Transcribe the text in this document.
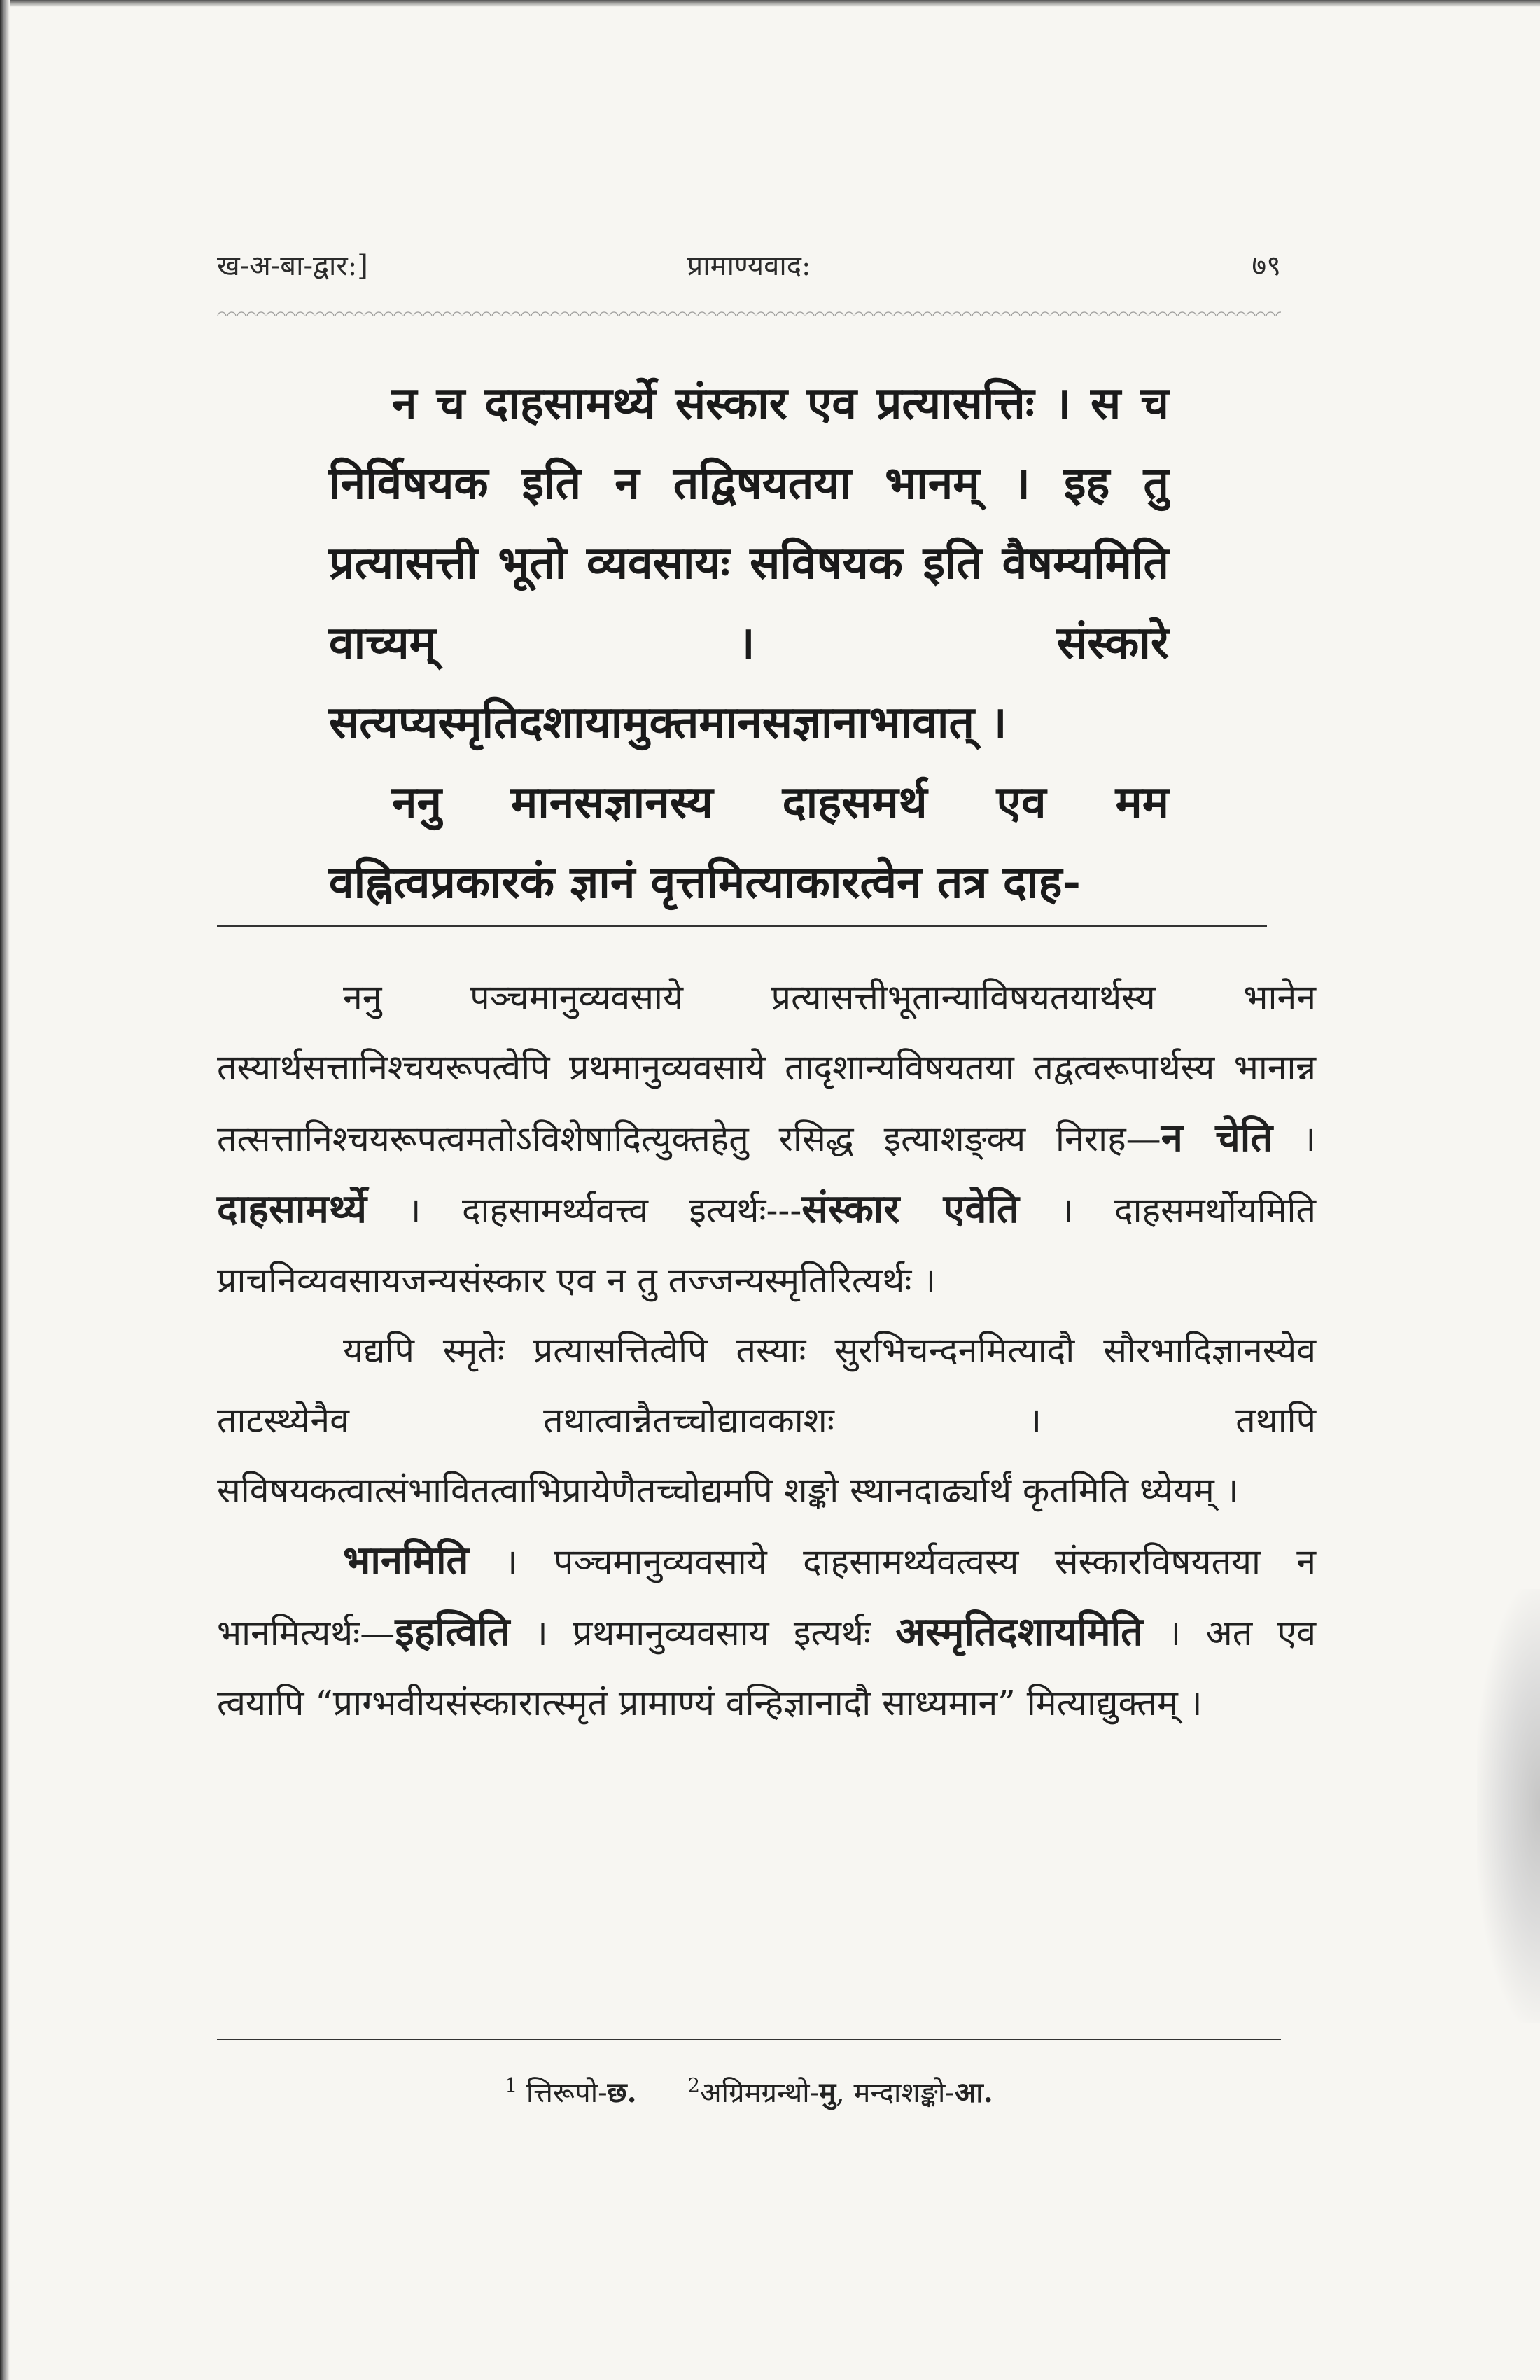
ख-अ-बा-द्वार:]	प्रामाण्यवाद:	७९

न च दाहसामर्थ्ये संस्कार एव प्रत्यासत्तिः । स च निर्विषयक इति न तद्विषयतया भानम् । इह तु प्रत्यासत्ती भूतो व्यवसायः सविषयक इति वैषम्यमिति वाच्यम् । संस्कारे सत्यप्यस्मृतिदशायामुक्तमानसज्ञानाभावात् ।

ननु मानसज्ञानस्य दाहसमर्थ एव मम वह्नित्वप्रकारकं ज्ञानं वृत्तमित्याकारत्वेन तत्र दाह-

ननु पञ्चमानुव्यवसाये प्रत्यासत्तीभूतान्याविषयतयार्थस्य भानेन तस्यार्थसत्तानिश्चयरूपत्वेपि प्रथमानुव्यवसाये तादृशान्यविषयतया तद्वत्वरूपार्थस्य भानान्न तत्सत्तानिश्चयरूपत्वमतोऽविशेषादित्युक्तहेतु रसिद्ध इत्याशङ्क्य निराह—न चेति । दाहसामर्थ्ये । दाहसामर्थ्यवत्त्व इत्यर्थः---संस्कार एवेति । दाहसमर्थोयमिति प्राचनिव्यवसायजन्यसंस्कार एव न तु तज्जन्यस्मृतिरित्यर्थः ।

यद्यपि स्मृतेः प्रत्यासत्तित्वेपि तस्याः सुरभिचन्दनमित्यादौ सौरभादिज्ञानस्येव ताटस्थ्येनैव तथात्वान्नैतच्चोद्यावकाशः । तथापि सविषयकत्वात्संभावितत्वाभिप्रायेणैतच्चोद्यमपि शङ्को स्थानदार्ढ्यार्थं कृतमिति ध्येयम् ।

भानमिति । पञ्चमानुव्यवसाये दाहसामर्थ्यवत्वस्य संस्कारविषयतया न भानमित्यर्थः—इहत्विति । प्रथमानुव्यवसाय इत्यर्थः अस्मृतिदशायमिति । अत एव त्वयापि “प्राग्भवीयसंस्कारात्स्मृतं प्रामाण्यं वन्हिज्ञानादौ साध्यमान” मित्याद्युक्तम् ।

$^1$ त्तिरूपो-छ.	$^2$अग्रिमग्रन्थो-मु, मन्दाशङ्को-आ.
